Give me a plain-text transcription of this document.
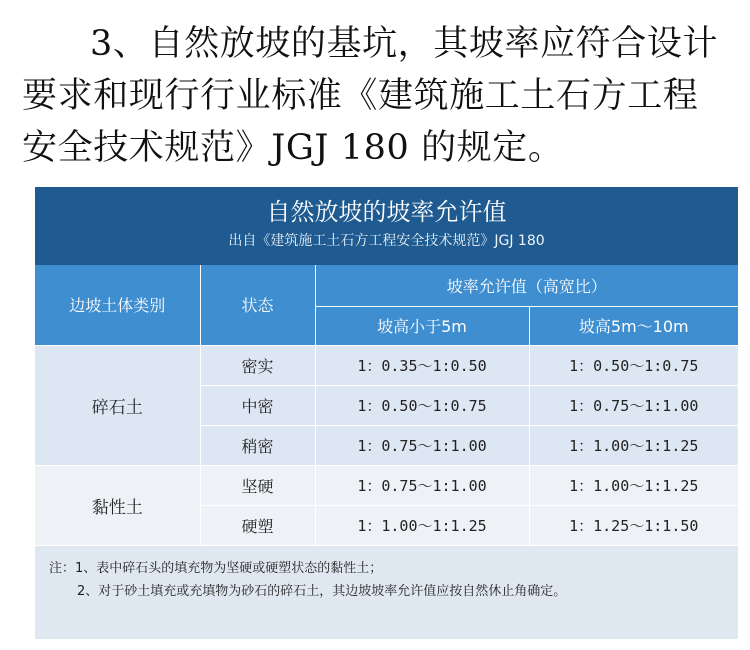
3、自然放坡的基坑，其坡率应符合设计要求和现行行业标准《建筑施工土石方工程安全技术规范》JGJ 180 的规定。
自然放坡的坡率允许值
出自《建筑施工土石方工程安全技术规范》JGJ 180
边坡土体类别	状态	坡率允许值（高宽比）	
		坡高小于5m	坡高5m～10m
碎石土	密实	1：0.35～1:0.50	1：0.50～1:0.75
	中密	1：0.50～1:0.75	1：0.75～1:1.00
	稍密	1：0.75～1:1.00	1：1.00～1:1.25
黏性土	坚硬	1：0.75～1:1.00	1：1.00～1:1.25
	硬塑	1：1.00～1:1.25	1：1.25～1:1.50
注：1、表中碎石头的填充物为坚硬或硬塑状态的黏性土；
2、对于砂土填充或充填物为砂石的碎石土，其边坡坡率允许值应按自然休止角确定。
